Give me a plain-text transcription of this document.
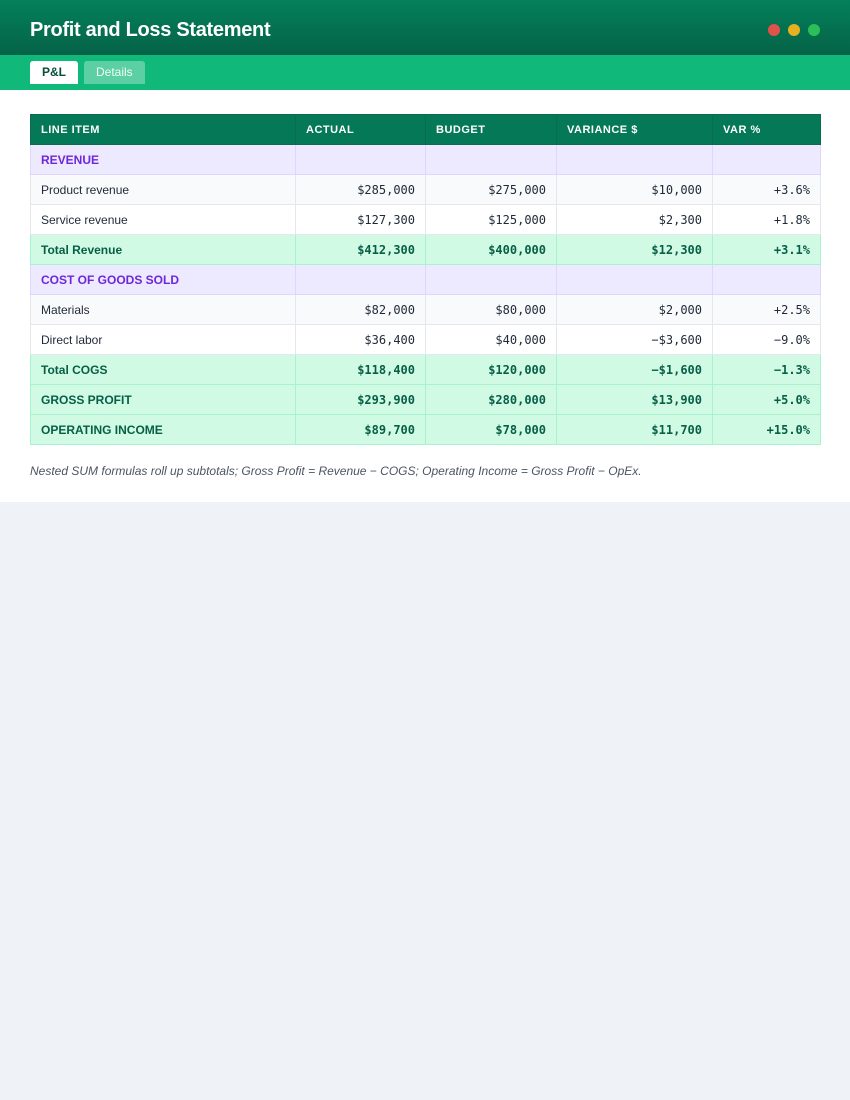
Profit and Loss Statement
P&L	Details
LINE ITEM	ACTUAL	BUDGET	VARIANCE $	VAR %
REVENUE				
Product revenue	$285,000	$275,000	$10,000	+3.6%
Service revenue	$127,300	$125,000	$2,300	+1.8%
Total Revenue	$412,300	$400,000	$12,300	+3.1%
COST OF GOODS SOLD				
Materials	$82,000	$80,000	$2,000	+2.5%
Direct labor	$36,400	$40,000	−$3,600	−9.0%
Total COGS	$118,400	$120,000	−$1,600	−1.3%
GROSS PROFIT	$293,900	$280,000	$13,900	+5.0%
OPERATING INCOME	$89,700	$78,000	$11,700	+15.0%
Nested SUM formulas roll up subtotals; Gross Profit = Revenue − COGS; Operating Income = Gross Profit − OpEx.
